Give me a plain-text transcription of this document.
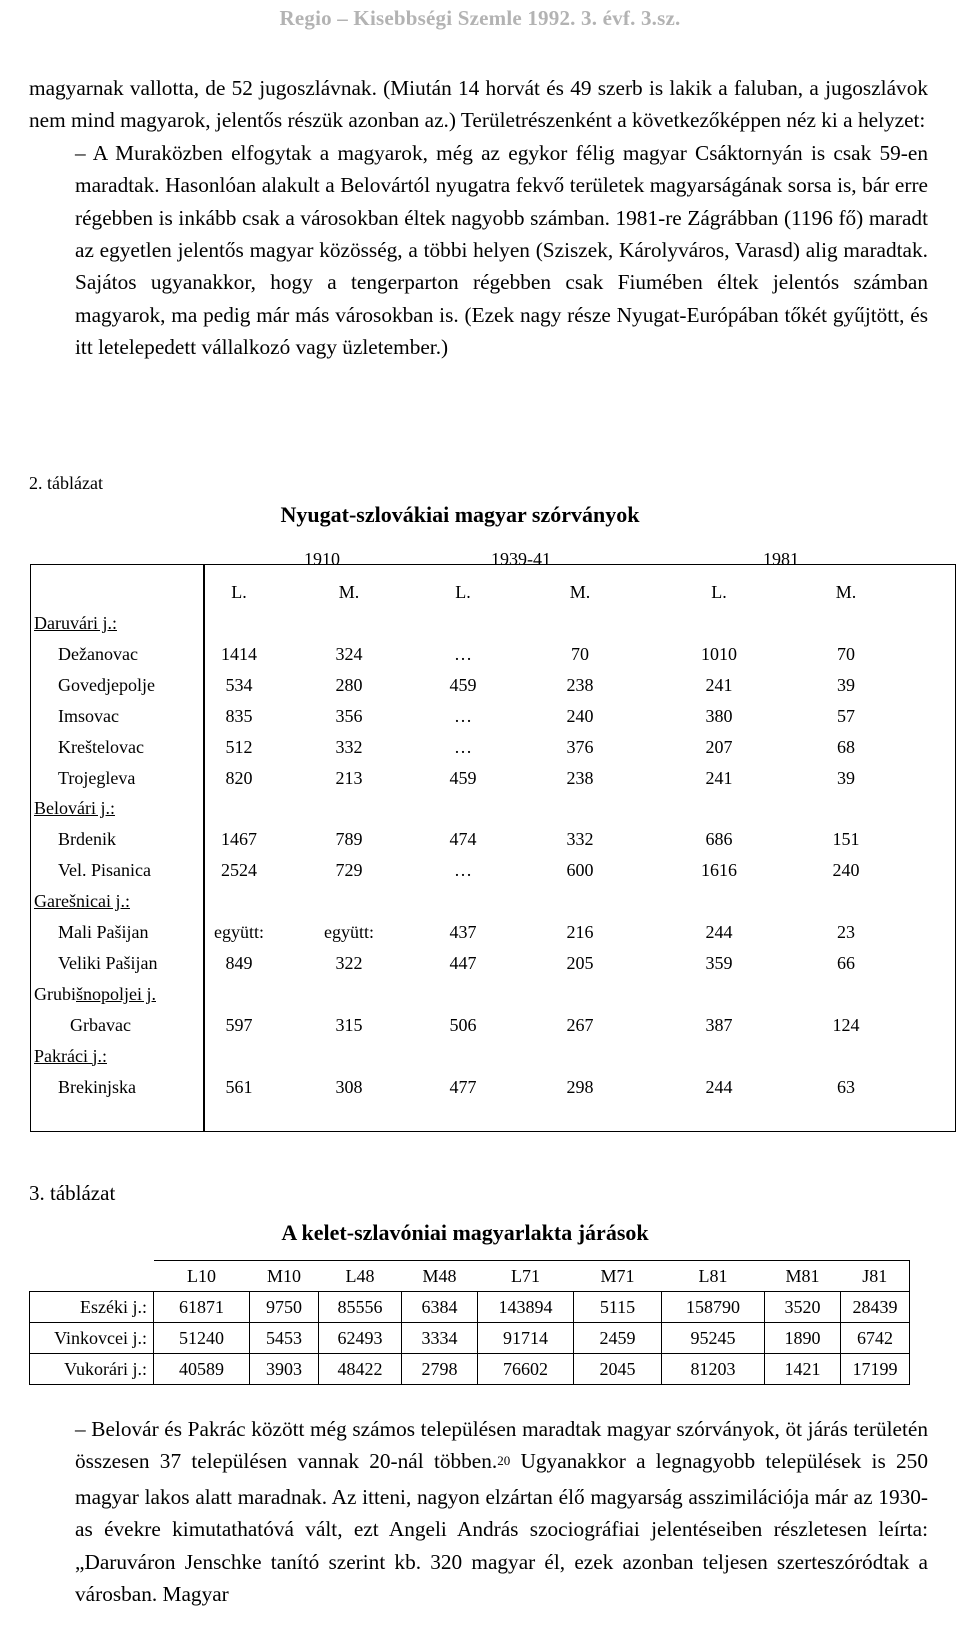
Regio – Kisebbségi Szemle 1992. 3. évf. 3.sz.

magyarnak vallotta, de 52 jugoszlávnak. (Miután 14 horvát és 49 szerb is lakik a faluban, a jugoszlávok nem mind magyarok, jelentős részük azonban az.) Területrészenként a következőképpen néz ki a helyzet:
– A Muraközben elfogytak a magyarok, még az egykor félig magyar Csáktornyán is csak 59-en maradtak. Hasonlóan alakult a Belovártól nyugatra fekvő területek magyarságának sorsa is, bár erre régebben is inkább csak a városokban éltek nagyobb számban. 1981-re Zágrábban (1196 fő) maradt az egyetlen jelentős magyar közösség, a többi helyen (Sziszek, Károlyváros, Varasd) alig maradtak. Sajátos ugyanakkor, hogy a tengerparton régebben csak Fiumében éltek jelentós számban magyarok, ma pedig már más városokban is. (Ezek nagy része Nyugat-Európában tőkét gyűjtött, és itt letelepedett vállalkozó vagy üzletember.)

2. táblázat
Nyugat-szlovákiai magyar szórványok
1910	1939-41	1981
L.	M.	L.	M.	L.	M.
Daruvári j.:
Dežanovac	1414	324	…	70	1010	70
Govedjepolje	534	280	459	238	241	39
Imsovac	835	356	…	240	380	57
Kreštelovac	512	332	…	376	207	68
Trojegleva	820	213	459	238	241	39
Belovári j.:
Brdenik	1467	789	474	332	686	151
Vel. Pisanica	2524	729	…	600	1616	240
Garešnicai j.:
Mali Pašijan	együtt:	együtt:	437	216	244	23
Veliki Pašijan	849	322	447	205	359	66
Grubišnopoljei j.
Grbavac	597	315	506	267	387	124
Pakráci j.:
Brekinjska	561	308	477	298	244	63
3. táblázat
A kelet-szlavóniai magyarlakta járások
	L10	M10	L48	M48	L71	M71	L81	M81	J81
Eszéki j.:	61871	9750	85556	6384	143894	5115	158790	3520	28439
Vinkovcei j.:	51240	5453	62493	3334	91714	2459	95245	1890	6742
Vukorári j.:	40589	3903	48422	2798	76602	2045	81203	1421	17199

– Belovár és Pakrác között még számos településen maradtak magyar szórványok, öt járás területén összesen 37 településen vannak 20-nál többen.$^{20}$ Ugyanakkor a legnagyobb települések is 250 magyar lakos alatt maradnak. Az itteni, nagyon elzártan élő magyarság asszimilációja már az 1930-as évekre kimutathatóvá vált, ezt Angeli András szociográfiai jelentéseiben részletesen leírta: „Daruváron Jenschke tanító szerint kb. 320 magyar él, ezek azonban teljesen szerteszóródtak a városban. Magyar
